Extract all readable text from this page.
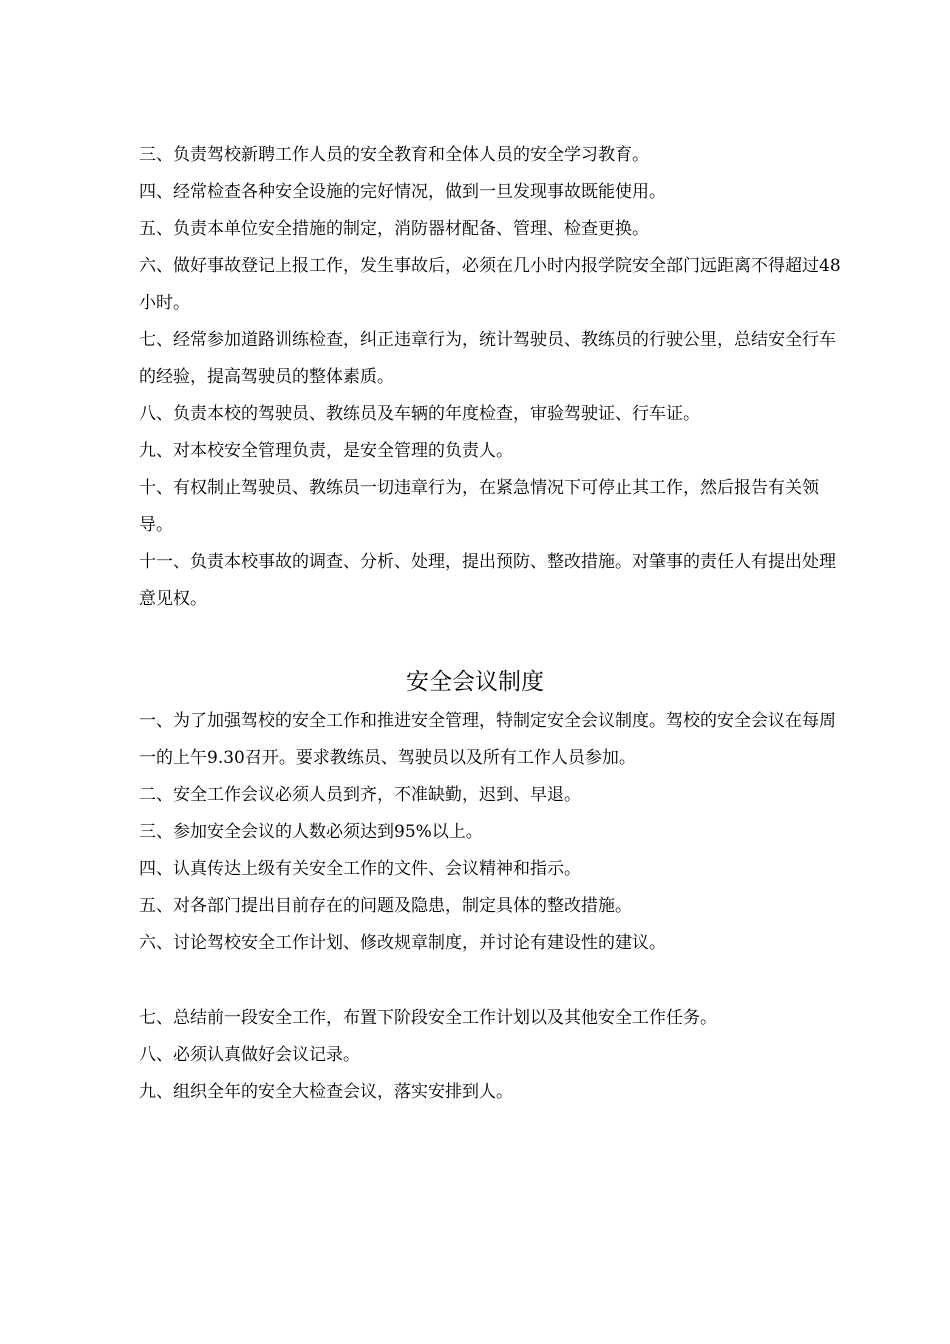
三、负责驾校新聘工作人员的安全教育和全体人员的安全学习教育。

四、经常检查各种安全设施的完好情况，做到一旦发现事故既能使用。

五、负责本单位安全措施的制定，消防器材配备、管理、检查更换。

六、做好事故登记上报工作，发生事故后，必须在几小时内报学院安全部门远距离不得超过48小时。

七、经常参加道路训练检查，纠正违章行为，统计驾驶员、教练员的行驶公里，总结安全行车的经验，提高驾驶员的整体素质。

八、负责本校的驾驶员、教练员及车辆的年度检查，审验驾驶证、行车证。

九、对本校安全管理负责，是安全管理的负责人。

十、有权制止驾驶员、教练员一切违章行为，在紧急情况下可停止其工作，然后报告有关领导。

十一、负责本校事故的调查、分析、处理，提出预防、整改措施。对肇事的责任人有提出处理意见权。

安全会议制度

一、为了加强驾校的安全工作和推进安全管理，特制定安全会议制度。驾校的安全会议在每周一的上午9.30召开。要求教练员、驾驶员以及所有工作人员参加。

二、安全工作会议必须人员到齐，不准缺勤，迟到、早退。

三、参加安全会议的人数必须达到95%以上。

四、认真传达上级有关安全工作的文件、会议精神和指示。

五、对各部门提出目前存在的问题及隐患，制定具体的整改措施。

六、讨论驾校安全工作计划、修改规章制度，并讨论有建设性的建议。

七、总结前一段安全工作，布置下阶段安全工作计划以及其他安全工作任务。

八、必须认真做好会议记录。

九、组织全年的安全大检查会议，落实安排到人。
